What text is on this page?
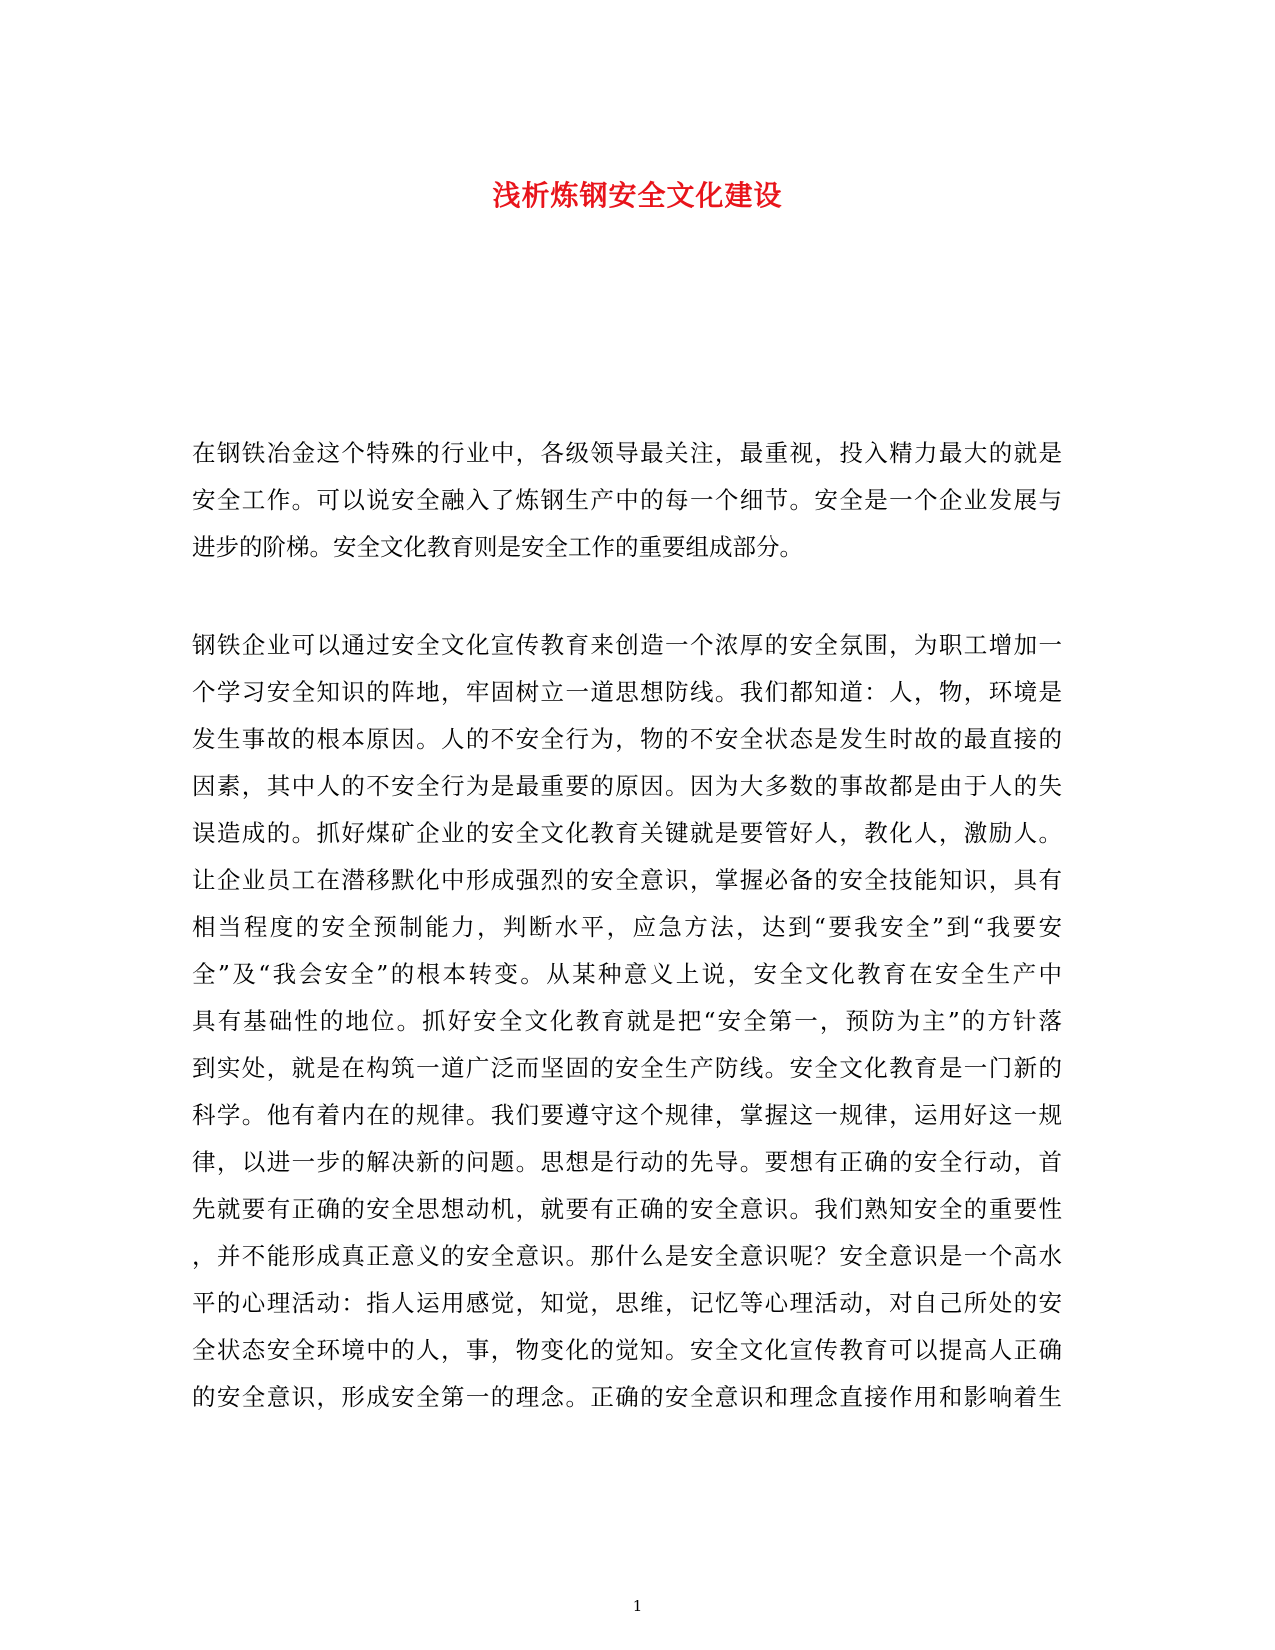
浅析炼钢安全文化建设
在钢铁冶金这个特殊的行业中，各级领导最关注，最重视，投入精力最大的就是
安全工作。可以说安全融入了炼钢生产中的每一个细节。安全是一个企业发展与
进步的阶梯。安全文化教育则是安全工作的重要组成部分。
钢铁企业可以通过安全文化宣传教育来创造一个浓厚的安全氛围，为职工增加一
个学习安全知识的阵地，牢固树立一道思想防线。我们都知道：人，物，环境是
发生事故的根本原因。人的不安全行为，物的不安全状态是发生时故的最直接的
因素，其中人的不安全行为是最重要的原因。因为大多数的事故都是由于人的失
误造成的。抓好煤矿企业的安全文化教育关键就是要管好人，教化人，激励人。
让企业员工在潜移默化中形成强烈的安全意识，掌握必备的安全技能知识，具有
相当程度的安全预制能力，判断水平，应急方法，达到“要我安全”到“我要安
全”及“我会安全”的根本转变。从某种意义上说，安全文化教育在安全生产中
具有基础性的地位。抓好安全文化教育就是把“安全第一，预防为主”的方针落
到实处，就是在构筑一道广泛而坚固的安全生产防线。安全文化教育是一门新的
科学。他有着内在的规律。我们要遵守这个规律，掌握这一规律，运用好这一规
律，以进一步的解决新的问题。思想是行动的先导。要想有正确的安全行动，首
先就要有正确的安全思想动机，就要有正确的安全意识。我们熟知安全的重要性
，并不能形成真正意义的安全意识。那什么是安全意识呢？安全意识是一个高水
平的心理活动：指人运用感觉，知觉，思维，记忆等心理活动，对自己所处的安
全状态安全环境中的人，事，物变化的觉知。安全文化宣传教育可以提高人正确
的安全意识，形成安全第一的理念。正确的安全意识和理念直接作用和影响着生
1
